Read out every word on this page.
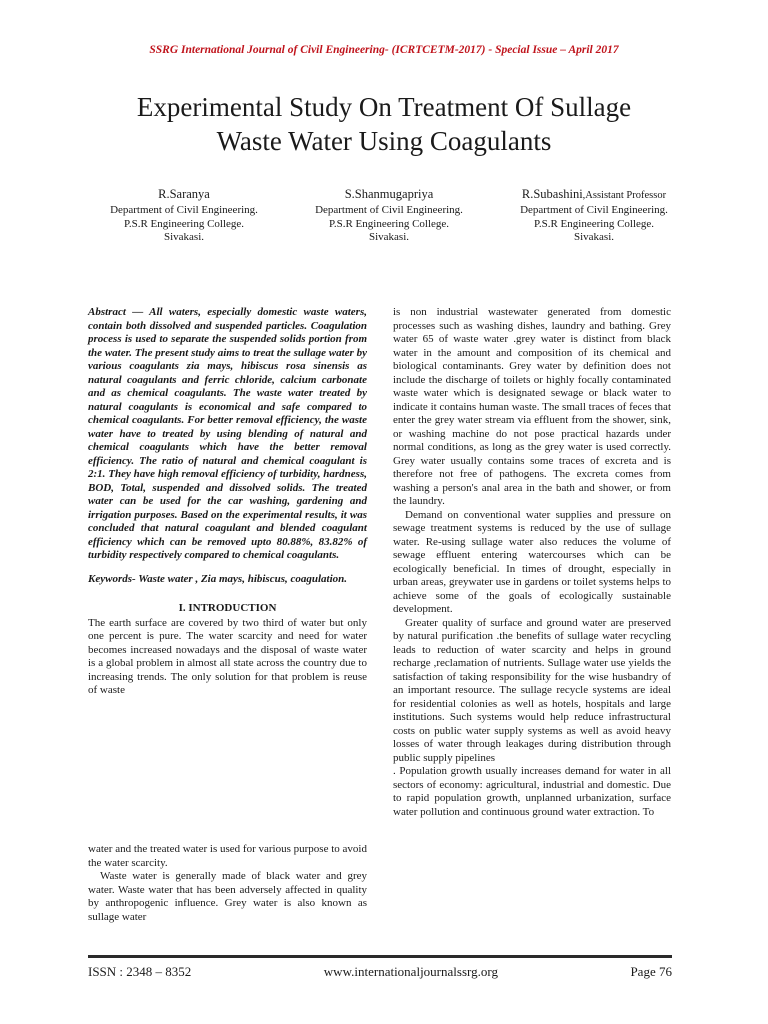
SSRG International Journal of Civil Engineering- (ICRTCETM-2017) - Special Issue – April 2017
Experimental Study On Treatment Of Sullage
Waste Water Using Coagulants
R.Saranya
Department of Civil Engineering.
P.S.R Engineering College.
Sivakasi.
S.Shanmugapriya
Department of Civil Engineering.
P.S.R Engineering College.
Sivakasi.
R.Subashini,Assistant Professor
Department of Civil Engineering.
P.S.R Engineering College.
Sivakasi.

Abstract — All waters, especially domestic waste waters, contain both dissolved and suspended particles. Coagulation process is used to separate the suspended solids portion from the water. The present study aims to treat the sullage water by various coagulants zia mays, hibiscus rosa sinensis as natural coagulants and ferric chloride, calcium carbonate and as chemical coagulants. The waste water treated by natural coagulants is economical and safe compared to chemical coagulants. For better removal efficiency, the waste water have to treated by using blending of natural and chemical coagulants which have the better removal efficiency. The ratio of natural and chemical coagulant is 2:1. They have high removal efficiency of turbidity, hardness, BOD, Total, suspended and dissolved solids. The treated water can be used for the car washing, gardening and irrigation purposes. Based on the experimental results, it was concluded that natural coagulant and blended coagulant efficiency which can be removed upto 80.88%, 83.82% of turbidity respectively compared to chemical coagulants.

Keywords- Waste water , Zia mays, hibiscus, coagulation.

I. INTRODUCTION

The earth surface are covered by two third of water but only one percent is pure. The water scarcity and need for water becomes increased nowadays and the disposal of waste water is a global problem in almost all state across the country due to increasing trends. The only solution for that problem is reuse of waste

water and the treated water is used for various purpose to avoid the water scarcity.

Waste water is generally made of black water and grey water. Waste water that has been adversely affected in quality by anthropogenic influence. Grey water is also known as sullage water

is non industrial wastewater generated from domestic processes such as washing dishes, laundry and bathing. Grey water 65 of waste water .grey water is distinct from black water in the amount and composition of its chemical and biological contaminants. Grey water by definition does not include the discharge of toilets or highly focally contaminated waste water which is designated sewage or black water to indicate it contains human waste. The small traces of feces that enter the grey water stream via effluent from the shower, sink, or washing machine do not pose practical hazards under normal conditions, as long as the grey water is used correctly. Grey water usually contains some traces of excreta and is therefore not free of pathogens. The excreta comes from washing a person's anal area in the bath and shower, or from the laundry.

Demand on conventional water supplies and pressure on sewage treatment systems is reduced by the use of sullage water. Re-using sullage water also reduces the volume of sewage effluent entering watercourses which can be ecologically beneficial. In times of drought, especially in urban areas, greywater use in gardens or toilet systems helps to achieve some of the goals of ecologically sustainable development.

Greater quality of surface and ground water are preserved by natural purification .the benefits of sullage water recycling leads to reduction of water scarcity and helps in ground recharge ,reclamation of nutrients. Sullage water use yields the satisfaction of taking responsibility for the wise husbandry of an important resource. The sullage recycle systems are ideal for residential colonies as well as hotels, hospitals and large institutions. Such systems would help reduce infrastructural costs on public water supply systems as well as avoid heavy losses of water through leakages during distribution through public supply pipelines

. Population growth usually increases demand for water in all sectors of economy: agricultural, industrial and domestic. Due to rapid population growth, unplanned urbanization, surface water pollution and continuous ground water extraction. To

ISSN : 2348 – 8352	www.internationaljournalssrg.org	Page 76
